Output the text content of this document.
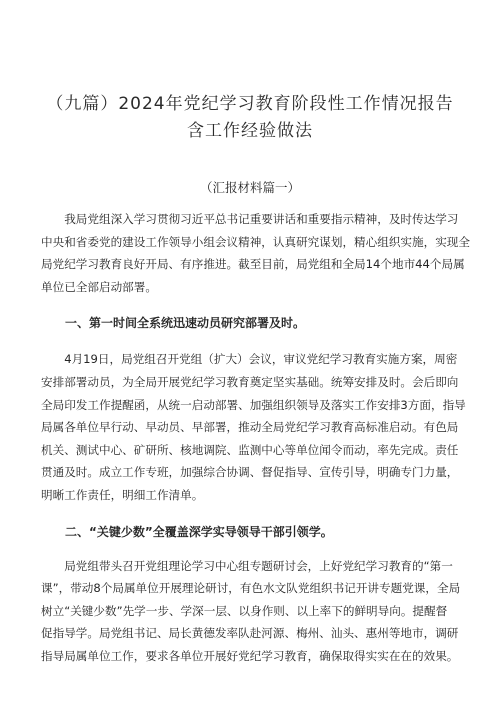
（九篇）2024年党纪学习教育阶段性工作情况报告
含工作经验做法
（汇报材料篇一）

我局党组深入学习贯彻习近平总书记重要讲话和重要指示精神，及时传达学习
中央和省委党的建设工作领导小组会议精神，认真研究谋划，精心组织实施，实现全
局党纪学习教育良好开局、有序推进。截至目前，局党组和全局14个地市44个局属
单位已全部启动部署。

一、第一时间全系统迅速动员研究部署及时。

4月19日，局党组召开党组（扩大）会议，审议党纪学习教育实施方案，周密
安排部署动员，为全局开展党纪学习教育奠定坚实基础。统筹安排及时。会后即向
全局印发工作提醒函，从统一启动部署、加强组织领导及落实工作安排3方面，指导
局属各单位早行动、早动员、早部署，推动全局党纪学习教育高标准启动。有色局
机关、测试中心、矿研所、核地调院、监测中心等单位闻令而动，率先完成。责任
贯通及时。成立工作专班，加强综合协调、督促指导、宣传引导，明确专门力量，
明晰工作责任，明细工作清单。

二、“关键少数”全覆盖深学实导领导干部引领学。

局党组带头召开党组理论学习中心组专题研讨会，上好党纪学习教育的“第一
课”，带动8个局属单位开展理论研讨，有色水文队党组织书记开讲专题党课，全局
树立“关键少数”先学一步、学深一层、以身作则、以上率下的鲜明导向。提醒督
促指导学。局党组书记、局长黄德发率队赴河源、梅州、汕头、惠州等地市，调研
指导局属单位工作，要求各单位开展好党纪学习教育，确保取得实实在在的效果。
